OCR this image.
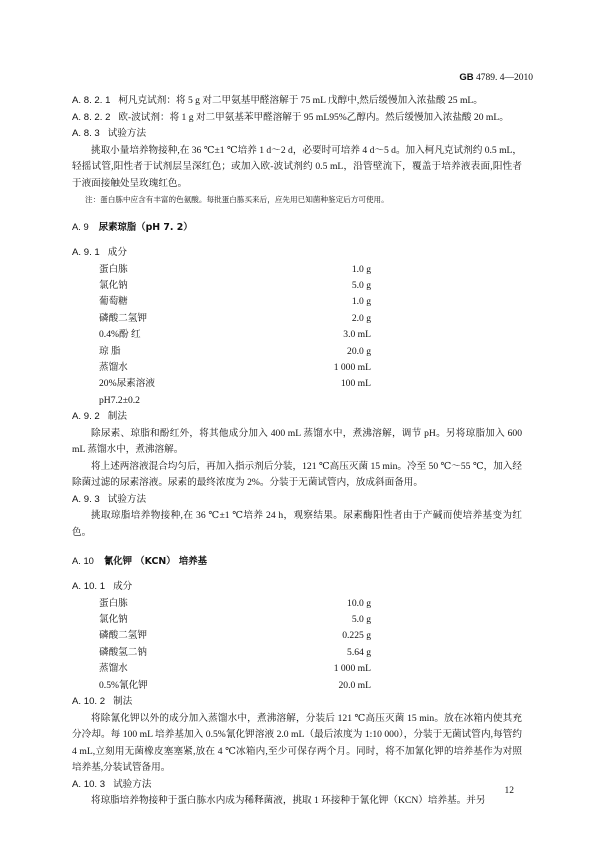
GB 4789. 4—2010

A. 8. 2. 1 柯凡克试剂：将 5 g 对二甲氨基甲醛溶解于 75 mL 戊醇中,然后缓慢加入浓盐酸 25 mL。

A. 8. 2. 2 欧-波试剂：将 1 g 对二甲氨基苯甲醛溶解于 95 mL95%乙醇内。然后缓慢加入浓盐酸 20 mL。

A. 8. 3 试验方法

挑取小量培养物接种,在 36 ℃±1 ℃培养 1 d～2 d，必要时可培养 4 d～5 d。加入柯凡克试剂约 0.5 mL，轻摇试管,阳性者于试剂层呈深红色；或加入欧-波试剂约 0.5 mL，沿管壁流下，覆盖于培养液表面,阳性者于液面接触处呈玫瑰红色。

注：蛋白胨中应含有丰富的色氨酸。每批蛋白胨买来后，应先用已知菌种鉴定后方可使用。

A. 9 尿素琼脂（pH 7. 2）

A. 9. 1 成分

蛋白胨	1.0 g
氯化钠	5.0 g
葡萄糖	1.0 g
磷酸二氢钾	2.0 g
0.4%酚 红	3.0 mL
琼 脂	20.0 g
蒸馏水	1 000 mL
20%尿素溶液	100 mL
pH7.2±0.2

A. 9. 2 制法

除尿素、琼脂和酚红外，将其他成分加入 400 mL 蒸馏水中，煮沸溶解，调节 pH。另将琼脂加入 600 mL 蒸馏水中，煮沸溶解。

将上述两溶液混合均匀后，再加入指示剂后分装，121 ℃高压灭菌 15 min。冷至 50 ℃～55 ℃，加入经除菌过滤的尿素溶液。尿素的最终浓度为 2%。分装于无菌试管内，放成斜面备用。

A. 9. 3 试验方法

挑取琼脂培养物接种,在 36 ℃±1 ℃培养 24 h，观察结果。尿素酶阳性者由于产碱而使培养基变为红色。

A. 10 氰化钾 （KCN） 培养基

A. 10. 1 成分

蛋白胨	10.0 g
氯化钠	5.0 g
磷酸二氢钾	0.225 g
磷酸氢二钠	5.64 g
蒸馏水	1 000 mL
0.5%氰化钾	20.0 mL

A. 10. 2 制法

将除氰化钾以外的成分加入蒸馏水中，煮沸溶解，分装后 121 ℃高压灭菌 15 min。放在冰箱内使其充分冷却。每 100 mL 培养基加入 0.5%氰化钾溶液 2.0 mL（最后浓度为 1:10 000），分装于无菌试管内,每管约 4 mL,立刻用无菌橡皮塞塞紧,放在 4 ℃冰箱内,至少可保存两个月。同时，将不加氰化钾的培养基作为对照培养基,分装试管备用。

A. 10. 3 试验方法

将琼脂培养物接种于蛋白胨水内成为稀释菌液，挑取 1 环接种于氰化钾（KCN）培养基。并另

12
